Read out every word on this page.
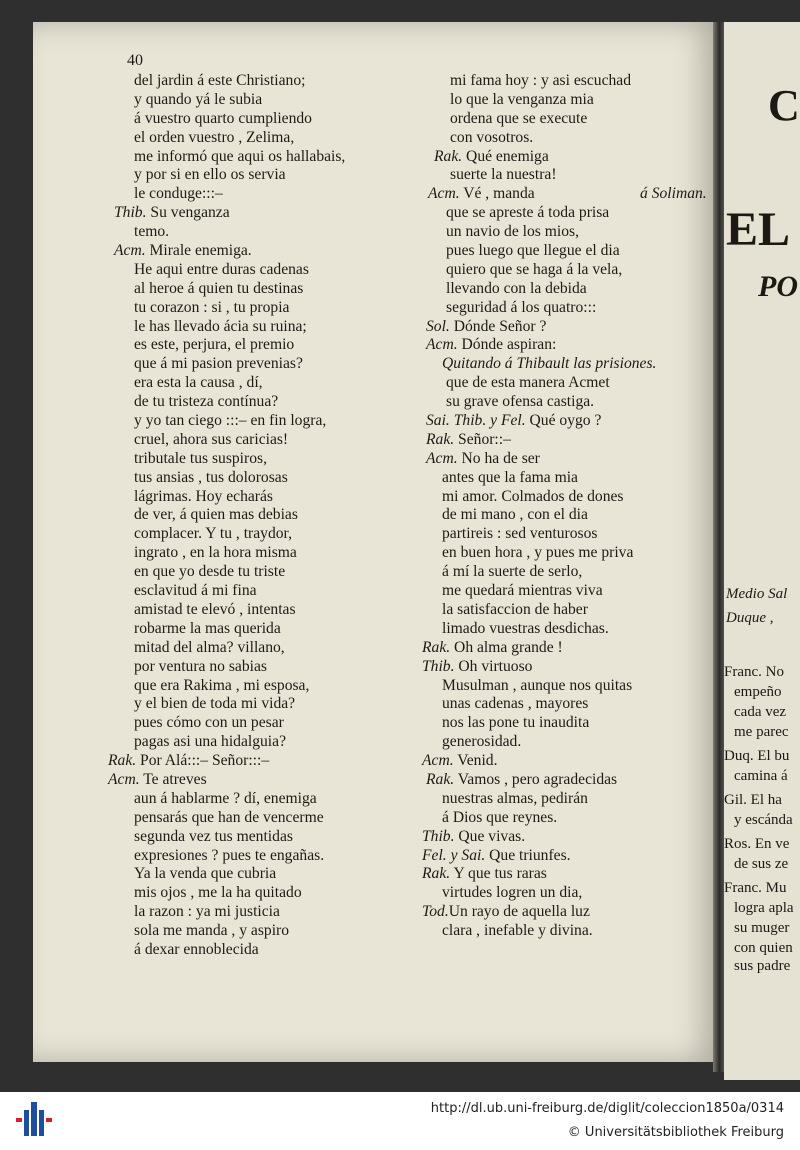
40
C
EL
PO
Medio Sal
Duque ,
Franc. No
empeño
cada vez
me parec
Duq. El bu
camina á
Gil. El ha
y escánda
Ros. En ve
de sus ze
Franc. Mu
logra apla
su muger
con quien
sus padre
del jardin á este Christiano;
y quando yá le subia
á vuestro quarto cumpliendo
el orden vuestro , Zelima,
me informó que aqui os hallabais,
y por si en ello os servia
le conduge:::–
Thib. Su venganza
temo.
Acm. Mirale enemiga.
He aqui entre duras cadenas
al heroe á quien tu destinas
tu corazon : si , tu propia
le has llevado ácia su ruina;
es este, perjura, el premio
que á mi pasion prevenias?
era esta la causa , dí,
de tu tristeza contínua?
y yo tan ciego :::– en fin logra,
cruel, ahora sus caricias!
tributale tus suspiros,
tus ansias , tus dolorosas
lágrimas. Hoy echarás
de ver, á quien mas debias
complacer. Y tu , traydor,
ingrato , en la hora misma
en que yo desde tu triste
esclavitud á mi fina
amistad te elevó , intentas
robarme la mas querida
mitad del alma? villano,
por ventura no sabias
que era Rakima , mi esposa,
y el bien de toda mi vida?
pues cómo con un pesar
pagas asi una hidalguia?
Rak. Por Alá:::– Señor:::–
Acm. Te atreves
aun á hablarme ? dí, enemiga
pensarás que han de vencerme
segunda vez tus mentidas
expresiones ? pues te engañas.
Ya la venda que cubria
mis ojos , me la ha quitado
la razon : ya mi justicia
sola me manda , y aspiro
á dexar ennoblecida
mi fama hoy : y asi escuchad
lo que la venganza mia
ordena que se execute
con vosotros.
Rak. Qué enemiga
suerte la nuestra!
Acm. Vé , manda	á Soliman.
que se apreste á toda prisa
un navio de los mios,
pues luego que llegue el dia
quiero que se haga á la vela,
llevando con la debida
seguridad á los quatro:::
Sol. Dónde Señor ?
Acm. Dónde aspiran:
Quitando á Thibault las prisiones.
que de esta manera Acmet
su grave ofensa castiga.
Sai. Thib. y Fel. Qué oygo ?
Rak. Señor::–
Acm. No ha de ser
antes que la fama mia
mi amor. Colmados de dones
de mi mano , con el dia
partireis : sed venturosos
en buen hora , y pues me priva
á mí la suerte de serlo,
me quedará mientras viva
la satisfaccion de haber
limado vuestras desdichas.
Rak. Oh alma grande !
Thib. Oh virtuoso
Musulman , aunque nos quitas
unas cadenas , mayores
nos las pone tu inaudita
generosidad.
Acm. Venid.
Rak. Vamos , pero agradecidas
nuestras almas, pedirán
á Dios que reynes.
Thib. Que vivas.
Fel. y Sai. Que triunfes.
Rak. Y que tus raras
virtudes logren un dia,
Tod.Un rayo de aquella luz
clara , inefable y divina.
http://dl.ub.uni-freiburg.de/diglit/coleccion1850a/0314
© Universitätsbibliothek Freiburg
